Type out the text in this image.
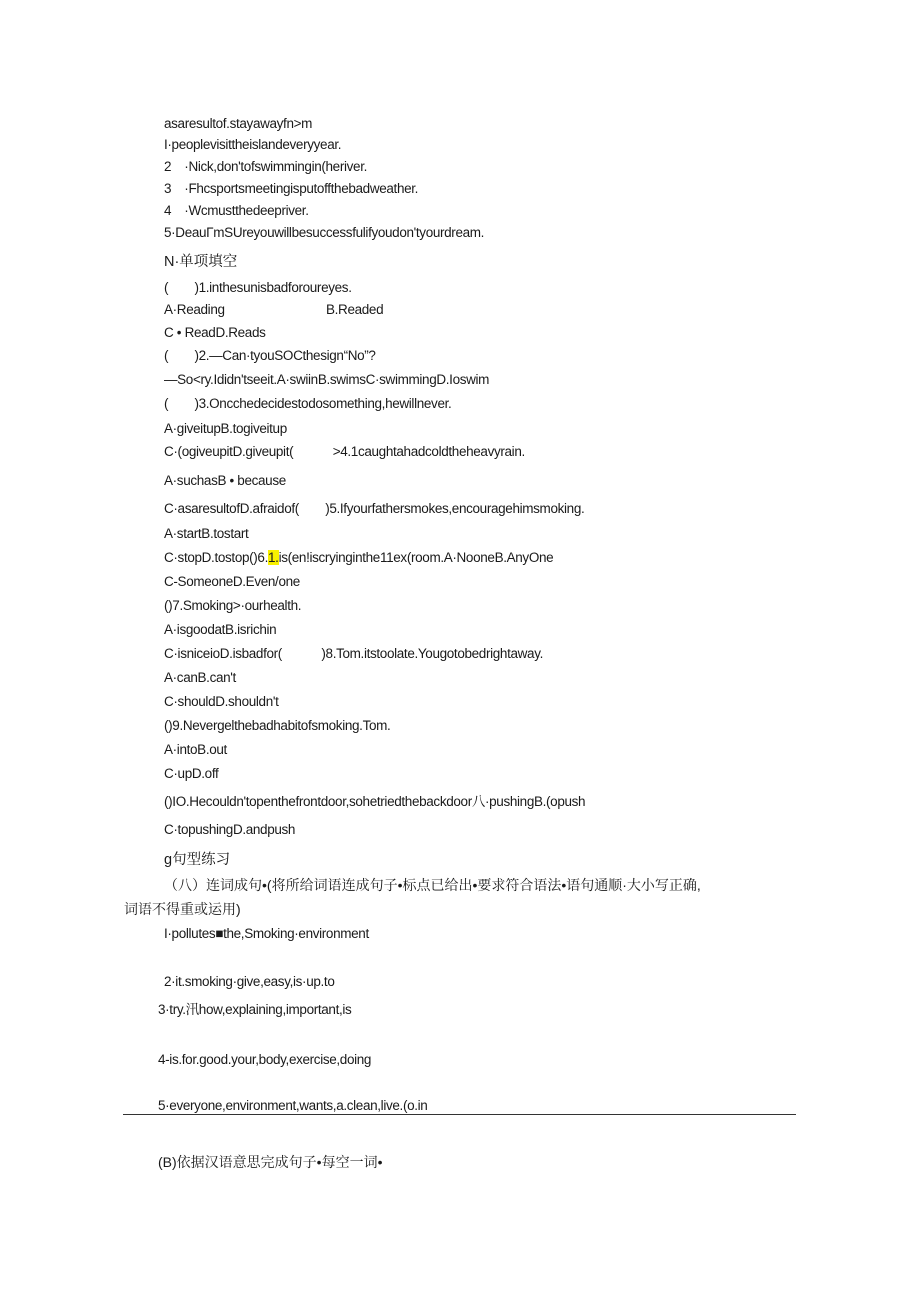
asaresultof.stayawayfn>m
I·peoplevisittheislandeveryyear.
2　·Nick,don'tofswimmingin(heriver.
3　·Fhcsportsmeetingisputoffthebadweather.
4　·Wcmustthedeepriver.
5·DeauΓmSUreyouwillbesuccessfulifyoudon'tyourdream.
N·单项填空
(　　)1.inthesunisbadforoureyes.
A·Reading	B.Readed
C • ReadD.Reads
(　　)2.—Can·tyouSOCthesign“No”?
—So<ry.Ididn'tseeit.A·swiinB.swimsC·swimmingD.Ioswim
(　　)3.Oncchedecidestodosomething,hewillnever.
A·giveitupB.togiveitup
C·(ogiveupitD.giveupit(　　　>4.1caughtahadcoldtheheavyrain.
A·suchasB • because
C·asaresultofD.afraidof(　　)5.Ifyourfathersmokes,encouragehimsmoking.
A·startB.tostart
C·stopD.tostop()6.1.is(en!iscryinginthe11ex(room.A·NooneB.AnyOne
C-SomeoneD.Even/one
()7.Smoking>·ourhealth.
A·isgoodatB.isrichin
C·isniceioD.isbadfor(　　　)8.Tom.itstoolate.Yougotobedrightaway.
A·canB.can't
C·shouldD.shouldn't
()9.Nevergelthebadhabitofsmoking.Tom.
A·intoB.out
C·upD.off
()IO.Hecouldn'topenthefrontdoor,sohetriedthebackdoor八·pushingB.(opush
C·topushingD.andpush
g句型练习
（八）连词成句•(将所给词语连成句子•标点已给出•要求符合语法•语句通顺·大小写正确,
词语不得重或运用)
I·pollutes■the,Smoking·environment
2·it.smoking·give,easy,is·up.to
3·try.汛how,explaining,important,is
4-is.for.good.your,body,exercise,doing
5·everyone,environment,wants,a.clean,live.(o.in
(B)依据汉语意思完成句子•每空一词•
